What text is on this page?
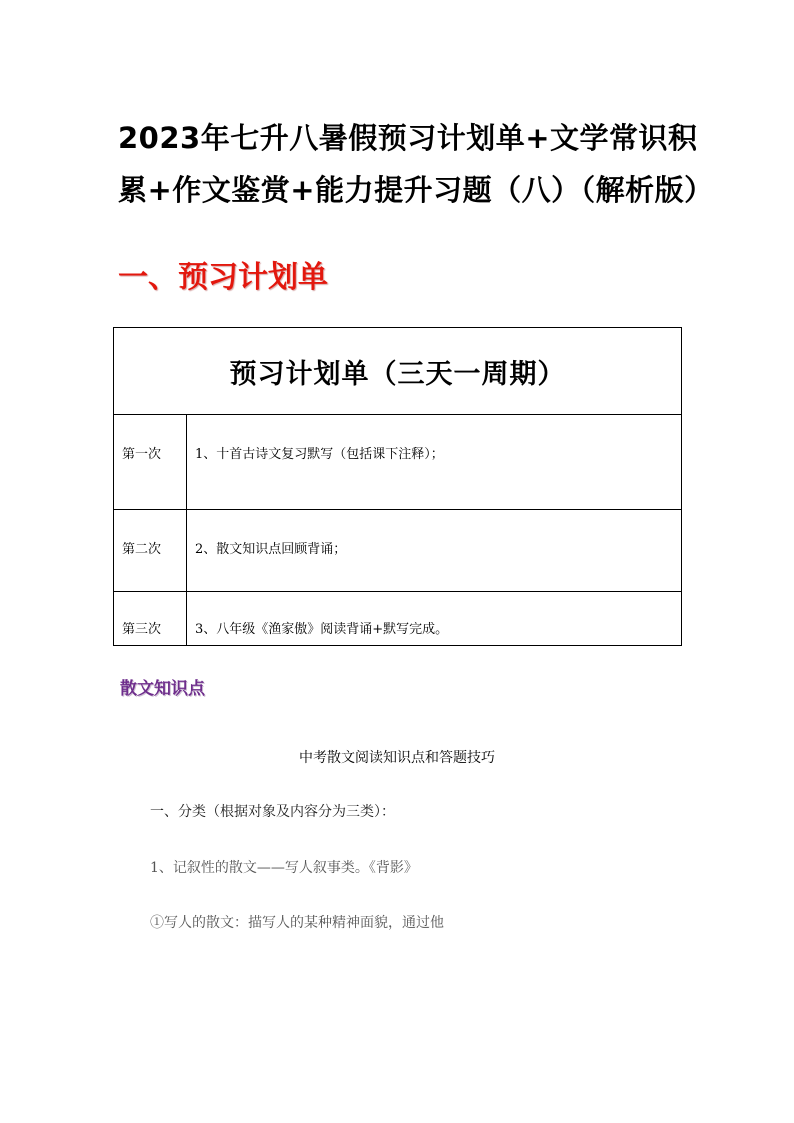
2023年七升八暑假预习计划单+文学常识积
累+作文鉴赏+能力提升习题（八）（解析版）
一、预习计划单
预习计划单（三天一周期）	
第一次	1、十首古诗文复习默写（包括课下注释）；
第二次	2、散文知识点回顾背诵；
第三次	3、八年级《渔家傲》阅读背诵+默写完成。
散文知识点

中考散文阅读知识点和答题技巧

一、分类（根据对象及内容分为三类）：

1、记叙性的散文——写人叙事类。《背影》

①写人的散文：描写人的某种精神面貌，通过他
